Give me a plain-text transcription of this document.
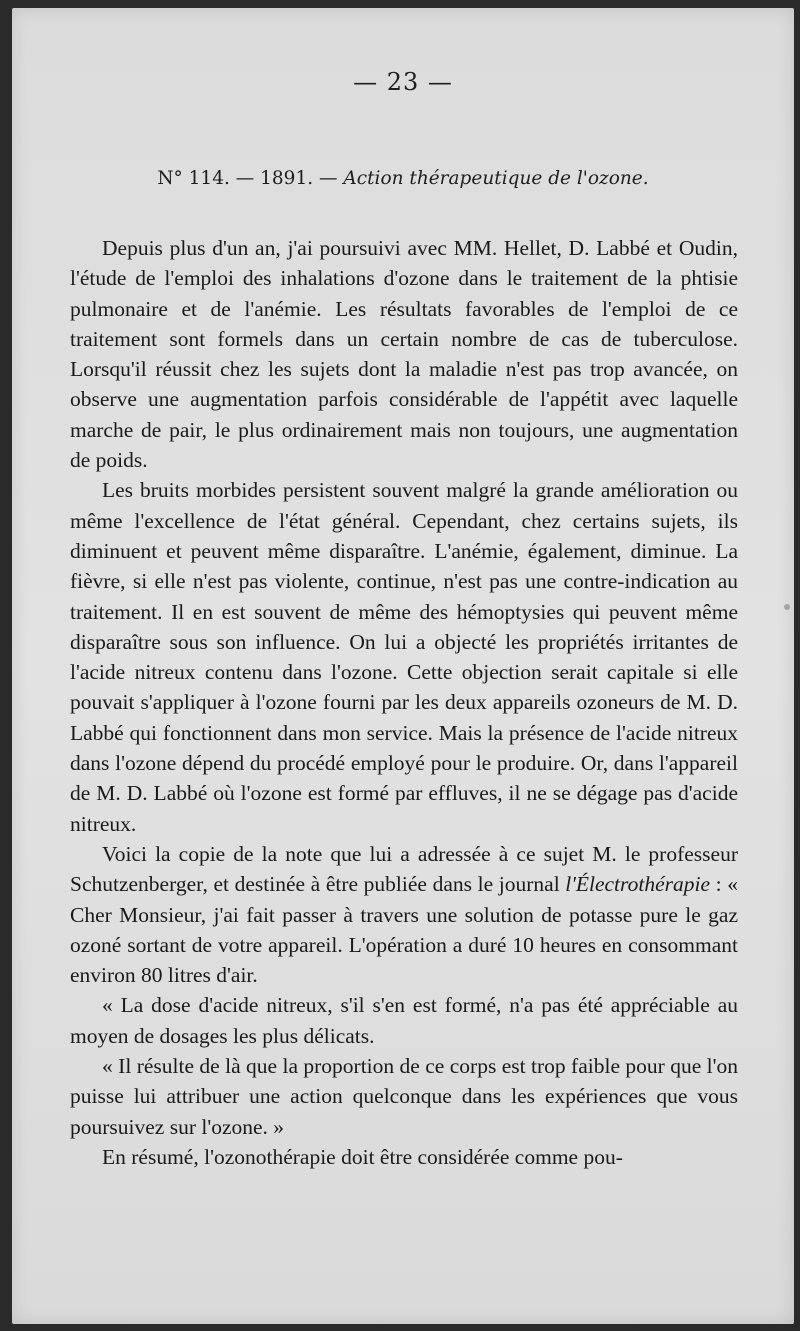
— 23 —
N° 114. — 1891. — Action thérapeutique de l'ozone.

Depuis plus d'un an, j'ai poursuivi avec MM. Hellet, D. Labbé et Oudin, l'étude de l'emploi des inhalations d'ozone dans le traitement de la phtisie pulmonaire et de l'anémie. Les résultats favorables de l'emploi de ce traitement sont formels dans un certain nombre de cas de tuberculose. Lorsqu'il réussit chez les sujets dont la maladie n'est pas trop avancée, on observe une augmentation parfois considérable de l'appétit avec laquelle marche de pair, le plus ordinairement mais non toujours, une augmentation de poids.

Les bruits morbides persistent souvent malgré la grande amélioration ou même l'excellence de l'état général. Cependant, chez certains sujets, ils diminuent et peuvent même disparaître. L'anémie, également, diminue. La fièvre, si elle n'est pas violente, continue, n'est pas une contre-indication au traitement. Il en est souvent de même des hémoptysies qui peuvent même disparaître sous son influence. On lui a objecté les propriétés irritantes de l'acide nitreux contenu dans l'ozone. Cette objection serait capitale si elle pouvait s'appliquer à l'ozone fourni par les deux appareils ozoneurs de M. D. Labbé qui fonctionnent dans mon service. Mais la présence de l'acide nitreux dans l'ozone dépend du procédé employé pour le produire. Or, dans l'appareil de M. D. Labbé où l'ozone est formé par effluves, il ne se dégage pas d'acide nitreux.

Voici la copie de la note que lui a adressée à ce sujet M. le professeur Schutzenberger, et destinée à être publiée dans le journal l'Électrothérapie : « Cher Monsieur, j'ai fait passer à travers une solution de potasse pure le gaz ozoné sortant de votre appareil. L'opération a duré 10 heures en consommant environ 80 litres d'air.

« La dose d'acide nitreux, s'il s'en est formé, n'a pas été appréciable au moyen de dosages les plus délicats.

« Il résulte de là que la proportion de ce corps est trop faible pour que l'on puisse lui attribuer une action quelconque dans les expériences que vous poursuivez sur l'ozone. »

En résumé, l'ozonothérapie doit être considérée comme pou-
